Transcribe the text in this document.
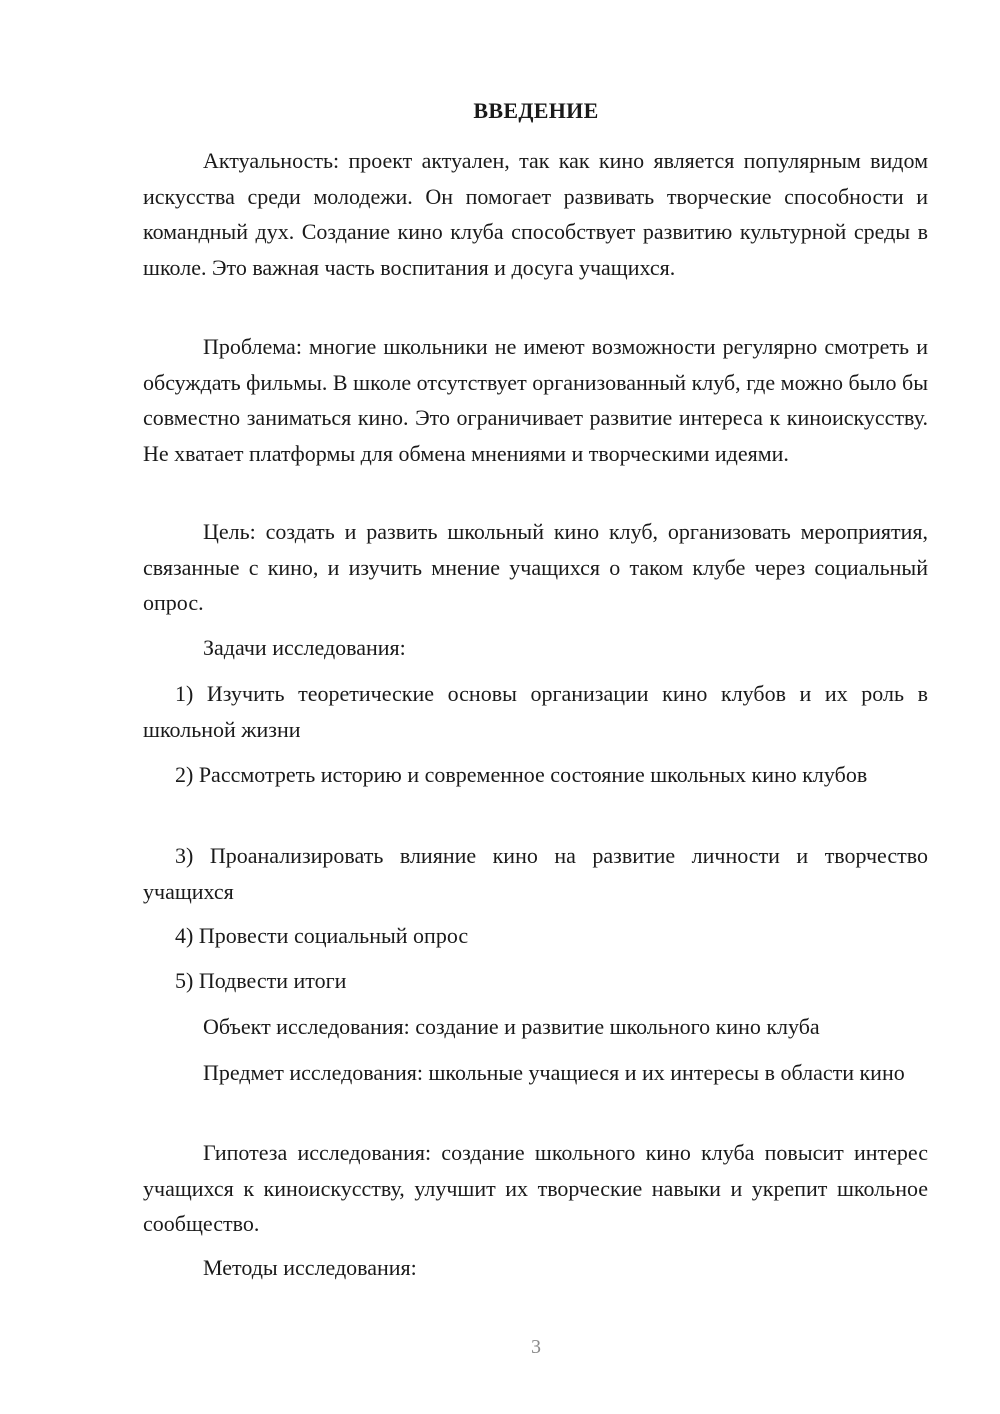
ВВЕДЕНИЕ

Актуальность: проект актуален, так как кино является популярным видом искусства среди молодежи. Он помогает развивать творческие способности и командный дух. Создание кино клуба способствует развитию культурной среды в школе. Это важная часть воспитания и досуга учащихся.

Проблема: многие школьники не имеют возможности регулярно смотреть и обсуждать фильмы. В школе отсутствует организованный клуб, где можно было бы совместно заниматься кино. Это ограничивает развитие интереса к киноискусству. Не хватает платформы для обмена мнениями и творческими идеями.

Цель: создать и развить школьный кино клуб, организовать мероприятия, связанные с кино, и изучить мнение учащихся о таком клубе через социальный опрос.

Задачи исследования:

1) Изучить теоретические основы организации кино клубов и их роль в школьной жизни

2) Рассмотреть историю и современное состояние школьных кино клубов

3) Проанализировать влияние кино на развитие личности и творчество учащихся

4) Провести социальный опрос

5) Подвести итоги

Объект исследования: создание и развитие школьного кино клуба

Предмет исследования: школьные учащиеся и их интересы в области кино

Гипотеза исследования: создание школьного кино клуба повысит интерес учащихся к киноискусству, улучшит их творческие навыки и укрепит школьное сообщество.

Методы исследования:

3
